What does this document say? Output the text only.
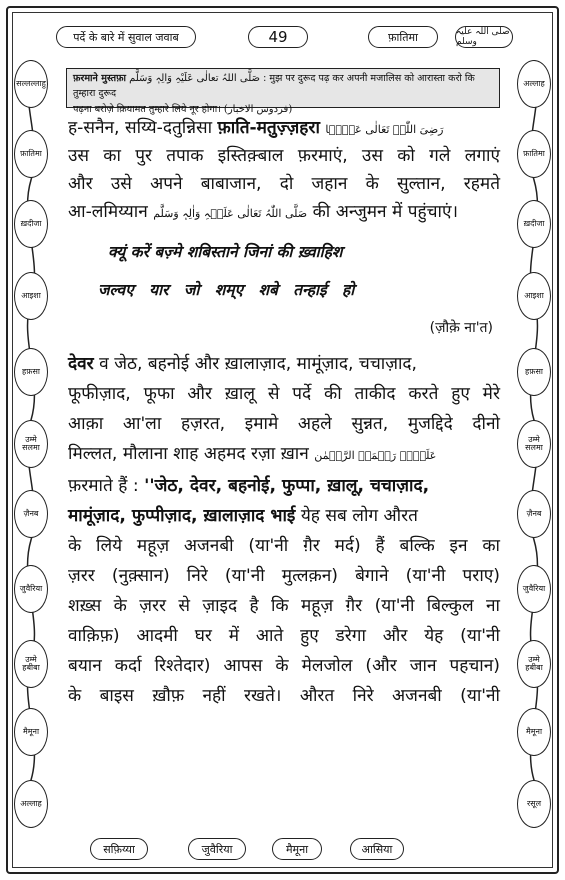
सल्लल्लाहु
फ़ातिमा
ख़दीजा
आइशा
हफ़सा
उम्मे सलमा
ज़ैनब
जुवैरिया
उम्मे हबीबा
मैमूना
अल्लाह
अल्लाह
फ़ातिमा
ख़दीजा
आइशा
हफ़सा
उम्मे सलमा
ज़ैनब
जुवैरिया
उम्मे हबीबा
मैमूना
रसूल
पर्दे के बारे में सुवाल जवाब	49	फ़ातिमा	صلی اللہ علیہ وسلم
फ़रमाने मुस्तफ़ा صَلَّی اللہُ تعالٰی عَلَیْہِ وَالِہٖ وَسَلَّم : मुझ पर दुरूद पढ़ कर अपनी मजालिस को आरास्ता करो कि तुम्हारा दुरूद
पढ़ना बरोज़े क़ियामत तुम्हारे लिये नूर होगा। (فردوس الاخبار)
ह-सनैन, सय्यि-दतुन्निसा फ़ाति-मतुज़्ज़हरा رَضِیَ اللّٰہُ تَعَالٰی عَنۡہَا
उस का पुर तपाक इस्तिक़्बाल फ़रमाएं, उस को गले लगाएं
और उसे अपने बाबाजान, दो जहान के सुल्तान, रहमते
आ-लमिय्यान صَلَّی اللّٰہُ تَعَالٰی عَلَیۡہِ وَاٰلِہٖ وَسَلَّم की अन्जुमन में पहुंचाएं।
क्यूं करें बज़्मे शबिस्ताने जिनां की ख़्वाहिश
जल्वए यार जो शम्ए शबे तन्हाई हो
(ज़ौक़े ना'त)
देवर व जेठ, बहनोई और ख़ालाज़ाद, मामूंज़ाद, चचाज़ाद,
फूफीज़ाद, फूफा और ख़ालू से पर्दे की ताकीद करते हुए मेरे
आक़ा आ'ला हज़रत, इमामे अहले सुन्नत, मुजद्दिदे दीनो
मिल्लत, मौलाना शाह अहमद रज़ा ख़ान عَلَیۡہِ رَحۡمَۃُ الرَّحۡمٰن
फ़रमाते हैं : ''जेठ, देवर, बहनोई, फुप्पा, ख़ालू, चचाज़ाद,
मामूंज़ाद, फुप्पीज़ाद, ख़ालाज़ाद भाई येह सब लोग औरत
के लिये महूज़ अजनबी (या'नी ग़ैर मर्द) हैं बल्कि इन का
ज़रर (नुक़्सान) निरे (या'नी मुत्लक़न) बेगाने (या'नी पराए)
शख़्स के ज़रर से ज़ाइद है कि महूज़ ग़ैर (या'नी बिल्कुल ना
वाक़िफ़) आदमी घर में आते हुए डरेगा और येह (या'नी
बयान कर्दा रिश्तेदार) आपस के मेलजोल (और जान पहचान)
के बाइस ख़ौफ़ नहीं रखते। औरत निरे अजनबी (या'नी
सफ़िय्या	जुवैरिया	मैमूना	आसिया
